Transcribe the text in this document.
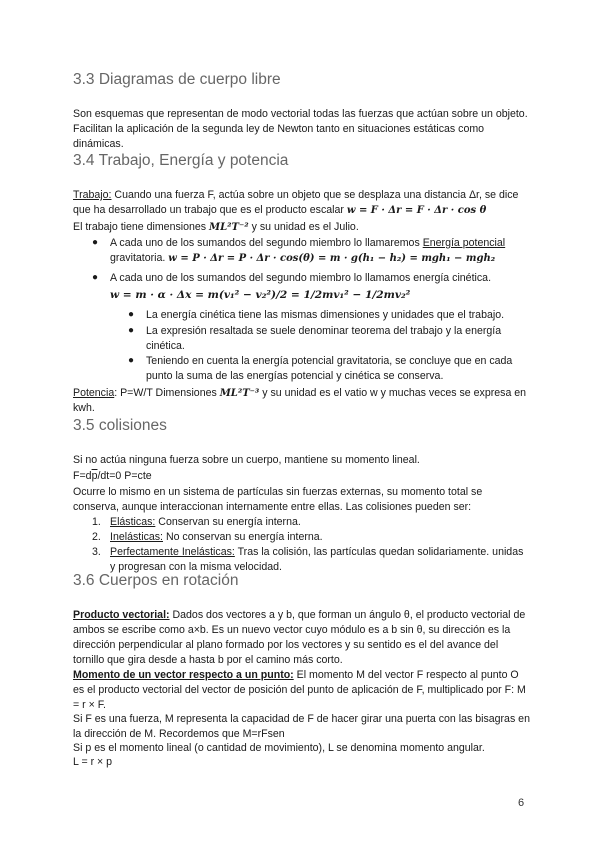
3.3 Diagramas de cuerpo libre

Son esquemas que representan de modo vectorial todas las fuerzas que actúan sobre un objeto. Facilitan la aplicación de la segunda ley de Newton tanto en situaciones estáticas como dinámicas.

3.4 Trabajo, Energía y potencia

Trabajo: Cuando una fuerza F, actúa sobre un objeto que se desplaza una distancia Δr, se dice que ha desarrollado un trabajo que es el producto escalar w = F · Δr = F · Δr · cos θ

El trabajo tiene dimensiones ML²T⁻² y su unidad es el Julio.

● A cada uno de los sumandos del segundo miembro lo llamaremos Energía potencial gravitatoria. w = P · Δr = P · Δr · cos(θ) = m · g(h₁ − h₂) = mgh₁ − mgh₂

● A cada uno de los sumandos del segundo miembro lo llamamos energía cinética.

w = m · α · Δx = m(v₁² − v₂²)/2 = 1/2mv₁² − 1/2mv₂²

● La energía cinética tiene las mismas dimensiones y unidades que el trabajo.

● La expresión resaltada se suele denominar teorema del trabajo y la energía cinética.

● Teniendo en cuenta la energía potencial gravitatoria, se concluye que en cada punto la suma de las energías potencial y cinética se conserva.

Potencia: P=W/T Dimensiones ML²T⁻³ y su unidad es el vatio w y muchas veces se expresa en kwh.

3.5 colisiones

Si no actúa ninguna fuerza sobre un cuerpo, mantiene su momento lineal.

$F=d\overline{p}/dt=0$ P=cte

Ocurre lo mismo en un sistema de partículas sin fuerzas externas, su momento total se conserva, aunque interaccionan internamente entre ellas. Las colisiones pueden ser:

1. Elásticas: Conservan su energía interna.

2. Inelásticas: No conservan su energía interna.

3. Perfectamente Inelásticas: Tras la colisión, las partículas quedan solidariamente. unidas y progresan con la misma velocidad.

3.6 Cuerpos en rotación

Producto vectorial: Dados dos vectores a y b, que forman un ángulo θ, el producto vectorial de ambos se escribe como a×b. Es un nuevo vector cuyo módulo es a b sin θ, su dirección es la dirección perpendicular al plano formado por los vectores y su sentido es el del avance del tornillo que gira desde a hasta b por el camino más corto.

Momento de un vector respecto a un punto: El momento M del vector F respecto al punto O es el producto vectorial del vector de posición del punto de aplicación de F, multiplicado por F: M = r × F.

Si F es una fuerza, M representa la capacidad de F de hacer girar una puerta con las bisagras en la dirección de M. Recordemos que M=rFsen

Si p es el momento lineal (o cantidad de movimiento), L se denomina momento angular.

L = r × p

6
